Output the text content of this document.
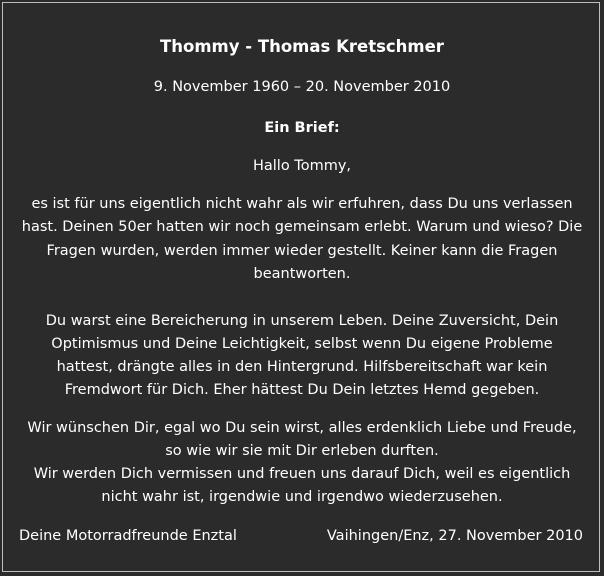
Thommy - Thomas Kretschmer
9. November 1960 – 20. November 2010
Ein Brief:
Hallo Tommy,
es ist für uns eigentlich nicht wahr als wir erfuhren, dass Du uns verlassen
hast. Deinen 50er hatten wir noch gemeinsam erlebt. Warum und wieso? Die
Fragen wurden, werden immer wieder gestellt. Keiner kann die Fragen
beantworten.
Du warst eine Bereicherung in unserem Leben. Deine Zuversicht, Dein
Optimismus und Deine Leichtigkeit, selbst wenn Du eigene Probleme
hattest, drängte alles in den Hintergrund. Hilfsbereitschaft war kein
Fremdwort für Dich. Eher hättest Du Dein letztes Hemd gegeben.
Wir wünschen Dir, egal wo Du sein wirst, alles erdenklich Liebe und Freude,
so wie wir sie mit Dir erleben durften.
Wir werden Dich vermissen und freuen uns darauf Dich, weil es eigentlich
nicht wahr ist, irgendwie und irgendwo wiederzusehen.
Deine Motorradfreunde Enztal	Vaihingen/Enz, 27. November 2010
